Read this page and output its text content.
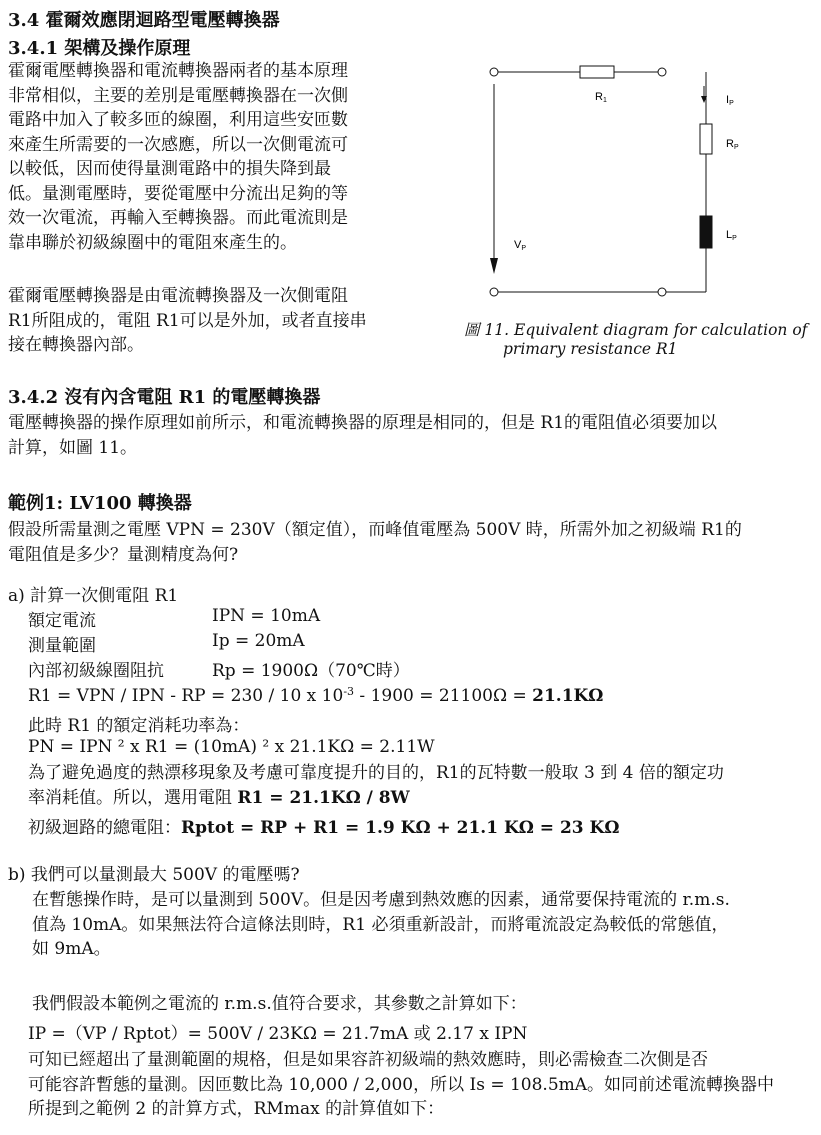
3.4 霍爾效應閉迴路型電壓轉換器
3.4.1 架構及操作原理
霍爾電壓轉換器和電流轉換器兩者的基本原理
非常相似，主要的差別是電壓轉換器在一次側
電路中加入了較多匝的線圈，利用這些安匝數
來產生所需要的一次感應，所以一次側電流可
以較低，因而使得量測電路中的損失降到最
低。量測電壓時，要從電壓中分流出足夠的等
效一次電流，再輸入至轉換器。而此電流則是
靠串聯於初級線圈中的電阻來產生的。
霍爾電壓轉換器是由電流轉換器及一次側電阻
R1所阻成的，電阻 R1可以是外加，或者直接串
接在轉換器內部。
R1	IP
RP
LP
VP
圖 11. Equivalent diagram for calculation of
primary resistance R1
3.4.2 沒有內含電阻 R1 的電壓轉換器
電壓轉換器的操作原理如前所示，和電流轉換器的原理是相同的，但是 R1的電阻值必須要加以
計算，如圖 11。
範例1: LV100 轉換器
假設所需量測之電壓 VPN = 230V（額定值），而峰值電壓為 500V 時，所需外加之初級端 R1的
電阻值是多少？量測精度為何?
a) 計算一次側電阻 R1
額定電流	IPN = 10mA
測量範圍	Ip = 20mA
內部初級線圈阻抗	Rp = 1900Ω（70℃時）
R1 = VPN / IPN - RP = 230 / 10 x $10^{-3} - 1900 = 21100\Omega = 21.1K\Omega$
此時 R1 的額定消耗功率為：
PN = IPN ² x R1 = (10mA) ² x 21.1KΩ = 2.11W
為了避免過度的熱漂移現象及考慮可靠度提升的目的，R1的瓦特數一般取 3 到 4 倍的額定功
率消耗值。所以，選用電阻 R1 = 21.1KΩ / 8W
初級迴路的總電阻：Rptot = RP + R1 = 1.9 KΩ + 21.1 KΩ = 23 KΩ
b) 我們可以量測最大 500V 的電壓嗎?
在暫態操作時，是可以量測到 500V。但是因考慮到熱效應的因素，通常要保持電流的 r.m.s.
值為 10mA。如果無法符合這條法則時，R1 必須重新設計，而將電流設定為較低的常態值，
如 9mA。
我們假設本範例之電流的 r.m.s.值符合要求，其參數之計算如下：
IP =（VP / Rptot）= 500V / 23KΩ = 21.7mA 或 2.17 x IPN
可知已經超出了量測範圍的規格，但是如果容許初級端的熱效應時，則必需檢查二次側是否
可能容許暫態的量測。因匝數比為 10,000 / 2,000，所以 Is = 108.5mA。如同前述電流轉換器中
所提到之範例 2 的計算方式，RMmax 的計算值如下：
